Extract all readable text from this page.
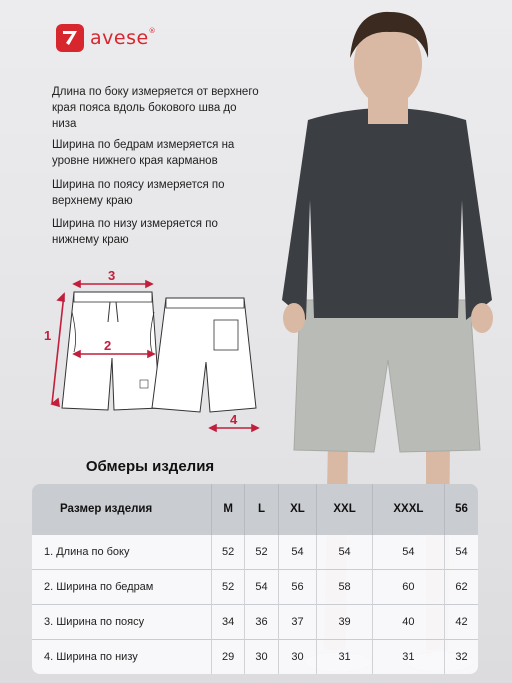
avese®
Длина по боку измеряется от верхнего края пояса вдоль бокового шва до низа
Ширина по бедрам измеряется на уровне нижнего края карманов
Ширина по поясу измеряется по верхнему краю
Ширина по низу измеряется по нижнему краю
3
2
1
4
Обмеры изделия
Размер изделия	M	L	XL	XXL	XXXL	56
1. Длина по боку	52	52	54	54	54	54
2. Ширина по бедрам	52	54	56	58	60	62
3. Ширина по поясу	34	36	37	39	40	42
4. Ширина по низу	29	30	30	31	31	32
